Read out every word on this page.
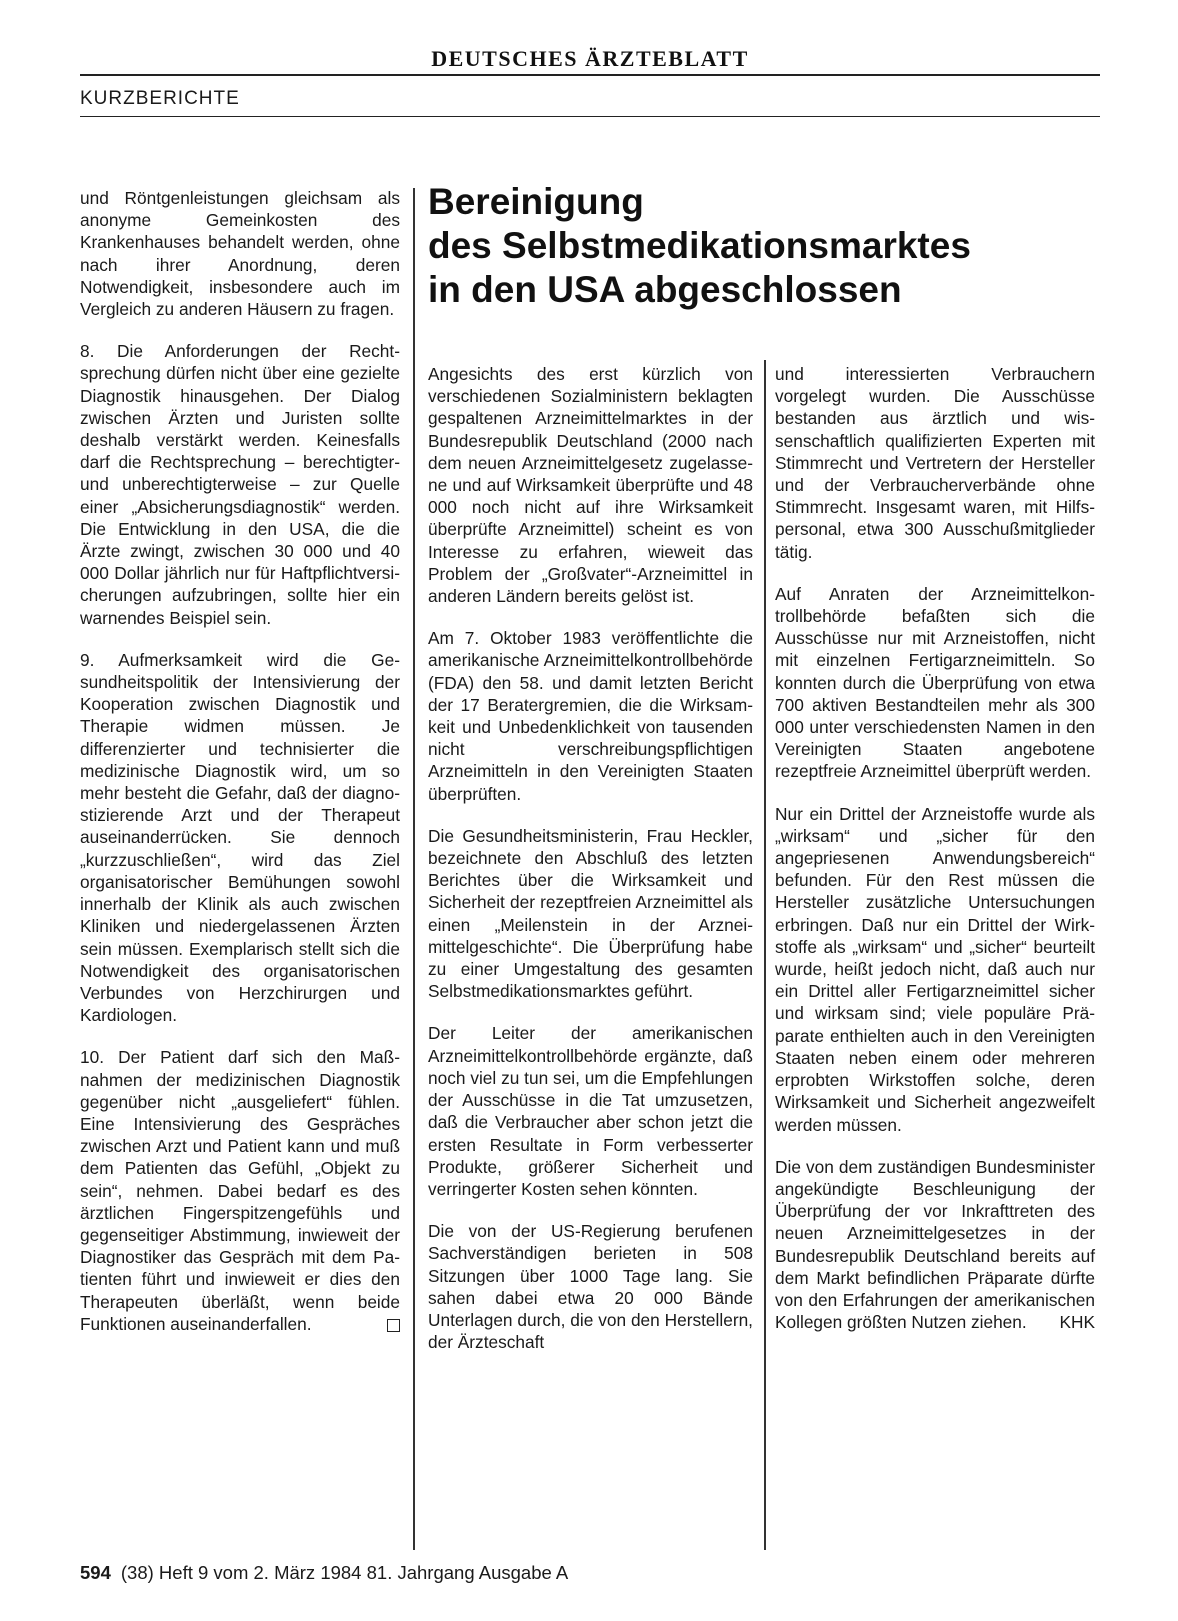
DEUTSCHES ÄRZTEBLATT
KURZBERICHTE

und Röntgenleistungen gleichsam als anonyme Gemeinkosten des Krankenhauses behandelt werden, ohne nach ihrer Anordnung, deren Notwendigkeit, insbesondere auch im Vergleich zu anderen Häusern zu fragen.

8. Die Anforderungen der Rechtsprechung dürfen nicht über eine gezielte Diagnostik hinausgehen. Der Dialog zwischen Ärzten und Juristen sollte deshalb verstärkt werden. Keinesfalls darf die Rechtsprechung – berechtigter- und unberechtigterweise – zur Quelle einer „Absicherungsdiagnostik“ werden. Die Entwicklung in den USA, die die Ärzte zwingt, zwischen 30 000 und 40 000 Dollar jährlich nur für Haftpflichtversicherungen aufzubringen, sollte hier ein warnendes Beispiel sein.

9. Aufmerksamkeit wird die Gesundheitspolitik der Intensivierung der Kooperation zwischen Diagnostik und Therapie widmen müssen. Je differenzierter und technisierter die medizinische Diagnostik wird, um so mehr besteht die Gefahr, daß der diagnostizierende Arzt und der Therapeut auseinanderrücken. Sie dennoch „kurzzuschließen“, wird das Ziel organisatorischer Bemühungen sowohl innerhalb der Klinik als auch zwischen Kliniken und niedergelassenen Ärzten sein müssen. Exemplarisch stellt sich die Notwendigkeit des organisatorischen Verbundes von Herzchirurgen und Kardiologen.

10. Der Patient darf sich den Maßnahmen der medizinischen Diagnostik gegenüber nicht „ausgeliefert“ fühlen. Eine Intensivierung des Gespräches zwischen Arzt und Patient kann und muß dem Patienten das Gefühl, „Objekt zu sein“, nehmen. Dabei bedarf es des ärztlichen Fingerspitzengefühls und gegenseitiger Abstimmung, inwieweit der Diagnostiker das Gespräch mit dem Patienten führt und inwieweit er dies den Therapeuten überläßt, wenn beide Funktionen auseinanderfallen.

Bereinigung
des Selbstmedikationsmarktes
in den USA abgeschlossen

Angesichts des erst kürzlich von verschiedenen Sozialministern beklagten gespaltenen Arzneimittelmarktes in der Bundesrepublik Deutschland (2000 nach dem neuen Arzneimittelgesetz zugelassene und auf Wirksamkeit überprüfte und 48 000 noch nicht auf ihre Wirksamkeit überprüfte Arzneimittel) scheint es von Interesse zu erfahren, wieweit das Problem der „Großvater“-Arzneimittel in anderen Ländern bereits gelöst ist.

Am 7. Oktober 1983 veröffentlichte die amerikanische Arzneimittelkontrollbehörde (FDA) den 58. und damit letzten Bericht der 17 Beratergremien, die die Wirksamkeit und Unbedenklichkeit von tausenden nicht verschreibungspflichtigen Arzneimitteln in den Vereinigten Staaten überprüften.

Die Gesundheitsministerin, Frau Heckler, bezeichnete den Abschluß des letzten Berichtes über die Wirksamkeit und Sicherheit der rezeptfreien Arzneimittel als einen „Meilenstein in der Arzneimittelgeschichte“. Die Überprüfung habe zu einer Umgestaltung des gesamten Selbstmedikationsmarktes geführt.

Der Leiter der amerikanischen Arzneimittelkontrollbehörde ergänzte, daß noch viel zu tun sei, um die Empfehlungen der Ausschüsse in die Tat umzusetzen, daß die Verbraucher aber schon jetzt die ersten Resultate in Form verbesserter Produkte, größerer Sicherheit und verringerter Kosten sehen könnten.

Die von der US-Regierung berufenen Sachverständigen berieten in 508 Sitzungen über 1000 Tage lang. Sie sahen dabei etwa 20 000 Bände Unterlagen durch, die von den Herstellern, der Ärzteschaft

und interessierten Verbrauchern vorgelegt wurden. Die Ausschüsse bestanden aus ärztlich und wissenschaftlich qualifizierten Experten mit Stimmrecht und Vertretern der Hersteller und der Verbraucherverbände ohne Stimmrecht. Insgesamt waren, mit Hilfspersonal, etwa 300 Ausschußmitglieder tätig.

Auf Anraten der Arzneimittelkontrollbehörde befaßten sich die Ausschüsse nur mit Arzneistoffen, nicht mit einzelnen Fertigarzneimitteln. So konnten durch die Überprüfung von etwa 700 aktiven Bestandteilen mehr als 300 000 unter verschiedensten Namen in den Vereinigten Staaten angebotene rezeptfreie Arzneimittel überprüft werden.

Nur ein Drittel der Arzneistoffe wurde als „wirksam“ und „sicher für den angepriesenen Anwendungsbereich“ befunden. Für den Rest müssen die Hersteller zusätzliche Untersuchungen erbringen. Daß nur ein Drittel der Wirkstoffe als „wirksam“ und „sicher“ beurteilt wurde, heißt jedoch nicht, daß auch nur ein Drittel aller Fertigarzneimittel sicher und wirksam sind; viele populäre Präparate enthielten auch in den Vereinigten Staaten neben einem oder mehreren erprobten Wirkstoffen solche, deren Wirksamkeit und Sicherheit angezweifelt werden müssen.

Die von dem zuständigen Bundesminister angekündigte Beschleunigung der Überprüfung der vor Inkrafttreten des neuen Arzneimittelgesetzes in der Bundesrepublik Deutschland bereits auf dem Markt befindlichen Präparate dürfte von den Erfahrungen der amerikanischen Kollegen größten Nutzen ziehen. KHK

594 (38) Heft 9 vom 2. März 1984 81. Jahrgang Ausgabe A
